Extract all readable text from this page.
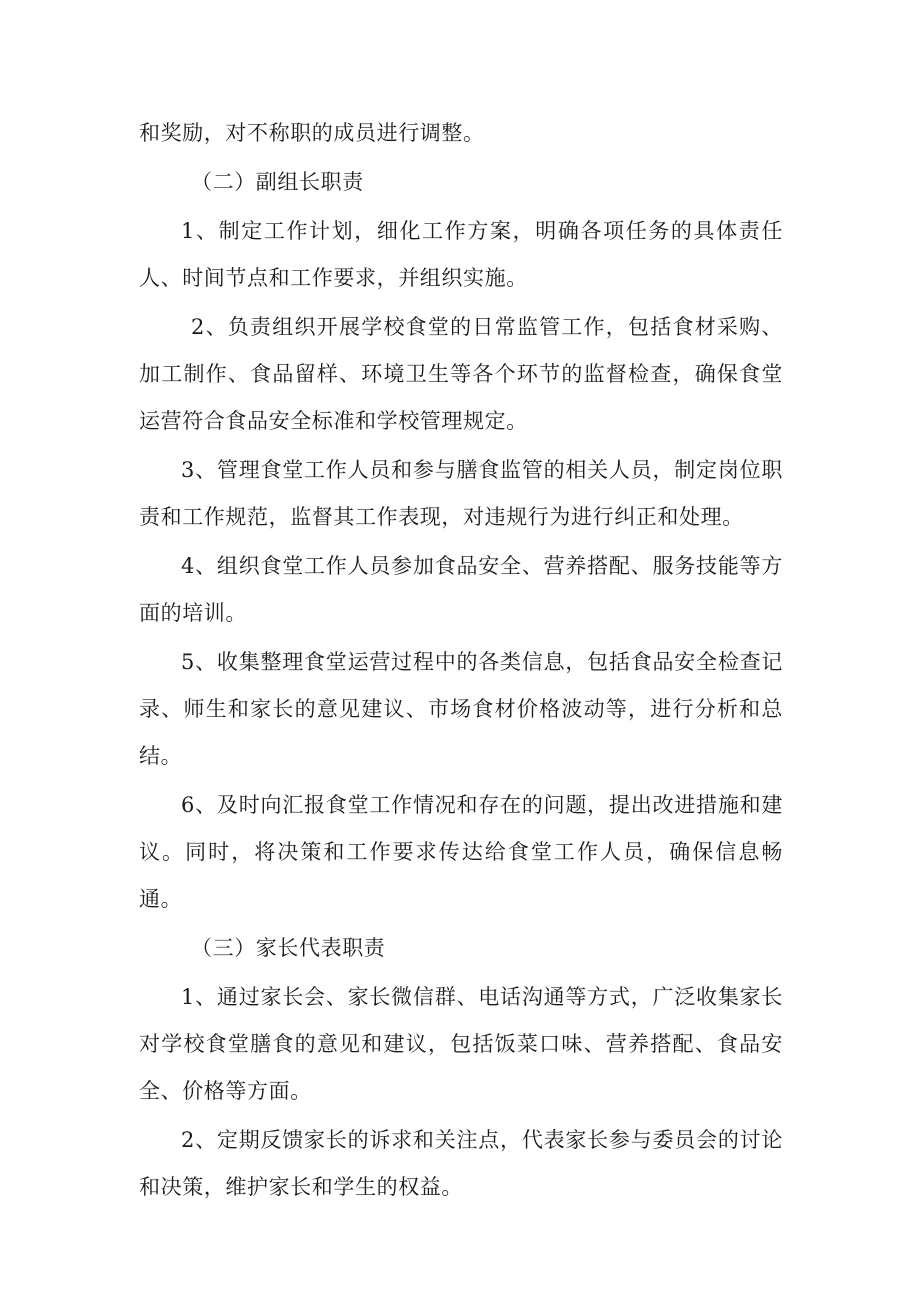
和奖励，对不称职的成员进行调整。

（二）副组长职责

1、制定工作计划，细化工作方案，明确各项任务的具体责任人、时间节点和工作要求，并组织实施。

2、负责组织开展学校食堂的日常监管工作，包括食材采购、加工制作、食品留样、环境卫生等各个环节的监督检查，确保食堂运营符合食品安全标准和学校管理规定。

3、管理食堂工作人员和参与膳食监管的相关人员，制定岗位职责和工作规范，监督其工作表现，对违规行为进行纠正和处理。

4、组织食堂工作人员参加食品安全、营养搭配、服务技能等方面的培训。

5、收集整理食堂运营过程中的各类信息，包括食品安全检查记录、师生和家长的意见建议、市场食材价格波动等，进行分析和总结。

6、及时向汇报食堂工作情况和存在的问题，提出改进措施和建议。同时，将决策和工作要求传达给食堂工作人员，确保信息畅通。

（三）家长代表职责

1、通过家长会、家长微信群、电话沟通等方式，广泛收集家长对学校食堂膳食的意见和建议，包括饭菜口味、营养搭配、食品安全、价格等方面。

2、定期反馈家长的诉求和关注点，代表家长参与委员会的讨论和决策，维护家长和学生的权益。
